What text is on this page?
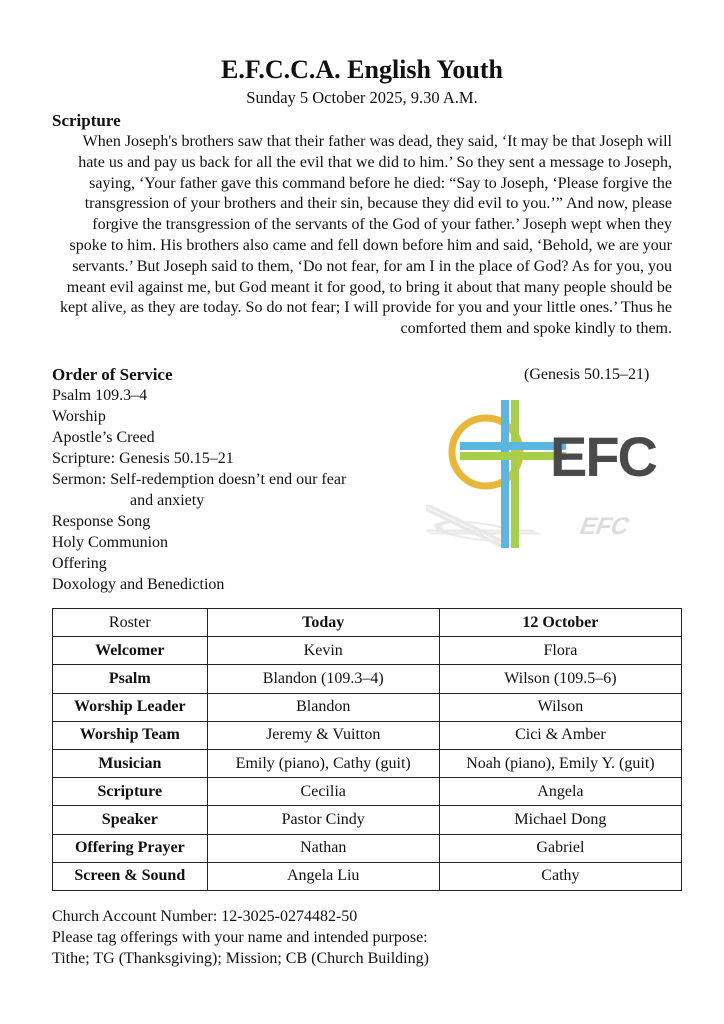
E.F.C.C.A. English Youth
Sunday 5 October 2025, 9.30 A.M.
Scripture

When Joseph's brothers saw that their father was dead, they said, ‘It may be that Joseph will hate us and pay us back for all the evil that we did to him.’ So they sent a message to Joseph, saying, ‘Your father gave this command before he died: “Say to Joseph, ‘Please forgive the transgression of your brothers and their sin, because they did evil to you.’” And now, please forgive the transgression of the servants of the God of your father.’ Joseph wept when they spoke to him. His brothers also came and fell down before him and said, ‘Behold, we are your servants.’ But Joseph said to them, ‘Do not fear, for am I in the place of God? As for you, you meant evil against me, but God meant it for good, to bring it about that many people should be kept alive, as they are today. So do not fear; I will provide for you and your little ones.’ Thus he comforted them and spoke kindly to them.

Order of Service	(Genesis 50.15–21)
Psalm 109.3–4
Worship
Apostle’s Creed
Scripture: Genesis 50.15–21
Sermon: Self-redemption doesn’t end our fear
and anxiety
Response Song
Holy Communion
Offering
Doxology and Benediction
EFC
EFC
Roster	Today	12 October
Welcomer	Kevin	Flora
Psalm	Blandon (109.3–4)	Wilson (109.5–6)
Worship Leader	Blandon	Wilson
Worship Team	Jeremy & Vuitton	Cici & Amber
Musician	Emily (piano), Cathy (guit)	Noah (piano), Emily Y. (guit)
Scripture	Cecilia	Angela
Speaker	Pastor Cindy	Michael Dong
Offering Prayer	Nathan	Gabriel
Screen & Sound	Angela Liu	Cathy
Church Account Number: 12-3025-0274482-50
Please tag offerings with your name and intended purpose:
Tithe; TG (Thanksgiving); Mission; CB (Church Building)
